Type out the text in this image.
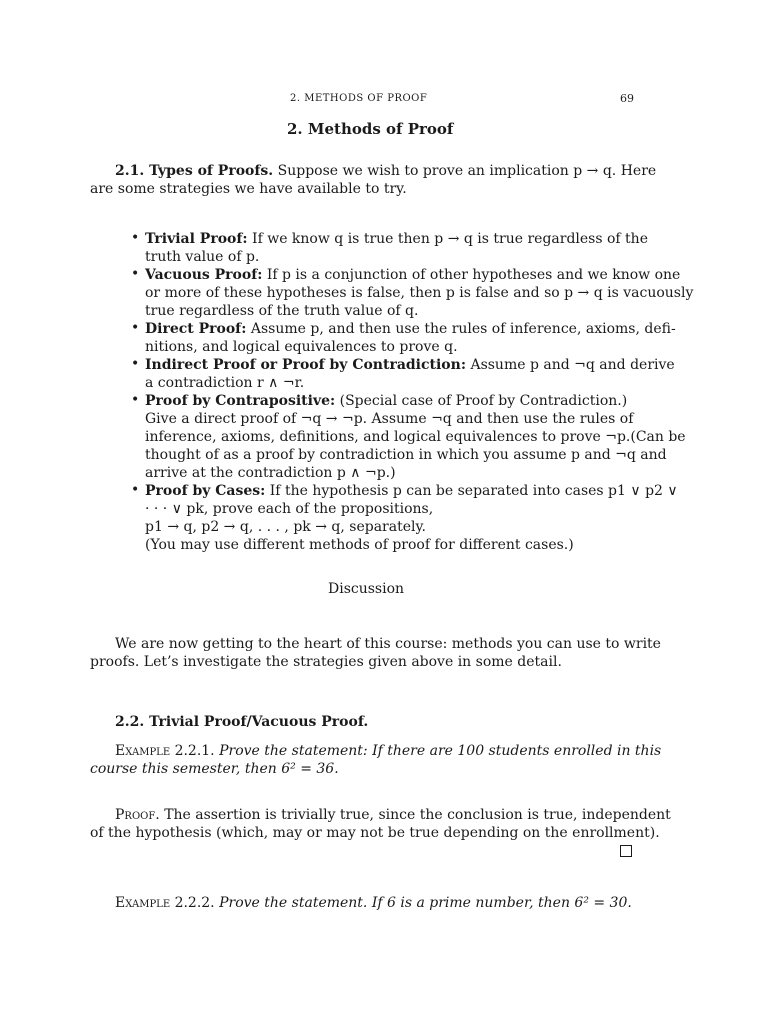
2. METHODS OF PROOF	69
2. Methods of Proof
2.1. Types of Proofs. Suppose we wish to prove an implication p → q. Here
are some strategies we have available to try.
• Trivial Proof: If we know q is true then p → q is true regardless of the
truth value of p.
• Vacuous Proof: If p is a conjunction of other hypotheses and we know one
or more of these hypotheses is false, then p is false and so p → q is vacuously
true regardless of the truth value of q.
• Direct Proof: Assume p, and then use the rules of inference, axioms, defi-
nitions, and logical equivalences to prove q.
• Indirect Proof or Proof by Contradiction: Assume p and ¬q and derive
a contradiction r ∧ ¬r.
• Proof by Contrapositive: (Special case of Proof by Contradiction.)
Give a direct proof of ¬q → ¬p. Assume ¬q and then use the rules of
inference, axioms, definitions, and logical equivalences to prove ¬p.(Can be
thought of as a proof by contradiction in which you assume p and ¬q and
arrive at the contradiction p ∧ ¬p.)
• Proof by Cases: If the hypothesis p can be separated into cases p1 ∨ p2 ∨
· · · ∨ pk, prove each of the propositions,
p1 → q, p2 → q, . . . , pk → q, separately.
(You may use different methods of proof for different cases.)
Discussion
We are now getting to the heart of this course: methods you can use to write
proofs. Let’s investigate the strategies given above in some detail.
2.2. Trivial Proof/Vacuous Proof.
Example 2.2.1. Prove the statement: If there are 100 students enrolled in this
course this semester, then 6² = 36.
Proof. The assertion is trivially true, since the conclusion is true, independent
of the hypothesis (which, may or may not be true depending on the enrollment).
Example 2.2.2. Prove the statement. If 6 is a prime number, then 6² = 30.
